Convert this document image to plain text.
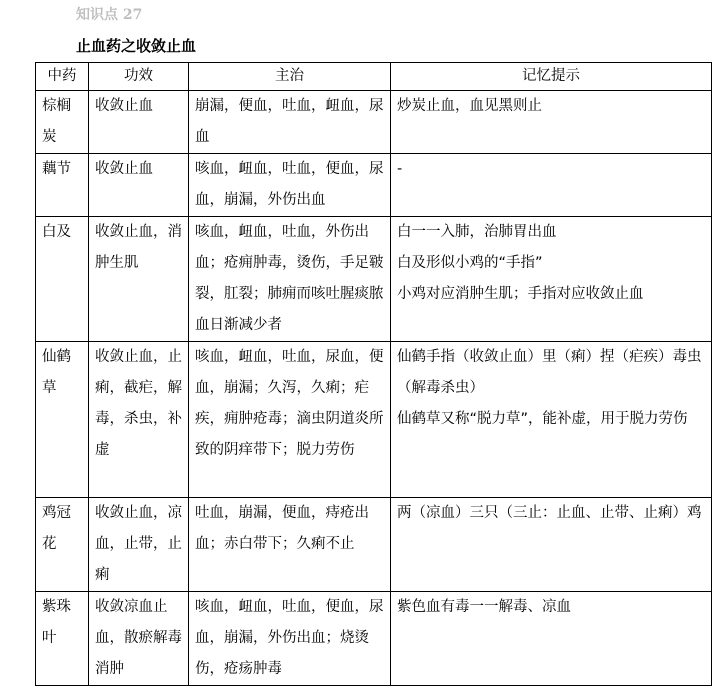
知识点 27
止血药之收敛止血
中药	功效	主治	记忆提示
棕榈炭	收敛止血	崩漏，便血，吐血，衄血，尿血	炒炭止血，血见黑则止

藕节	收敛止血	咳血，衄血，吐血，便血，尿血，崩漏，外伤出血	-

白及	收敛止血，消肿生肌	咳血，衄血，吐血，外伤出血；疮痈肿毒，烫伤，手足皲裂，肛裂；肺痈而咳吐腥痰脓血日渐减少者	白一一入肺，治肺胃出血
白及形似小鸡的“手指”
小鸡对应消肿生肌；手指对应收敛止血

仙鹤草	收敛止血，止痢，截疟，解毒，杀虫，补虚	咳血，衄血，吐血，尿血，便血，崩漏；久泻，久痢；疟疾，痈肿疮毒；滴虫阴道炎所致的阴痒带下；脱力劳伤	仙鹤手指（收敛止血）里（痢）捏（疟疾）毒虫（解毒杀虫）
仙鹤草又称“脱力草”，能补虚，用于脱力劳伤

鸡冠花	收敛止血，凉血，止带，止痢	吐血，崩漏，便血，痔疮出血；赤白带下；久痢不止	两（凉血）三只（三止：止血、止带、止痢）鸡

紫珠叶	收敛凉血止血，散瘀解毒消肿	咳血，衄血，吐血，便血，尿血，崩漏，外伤出血；烧烫伤，疮疡肿毒	紫色血有毒一一解毒、凉血
